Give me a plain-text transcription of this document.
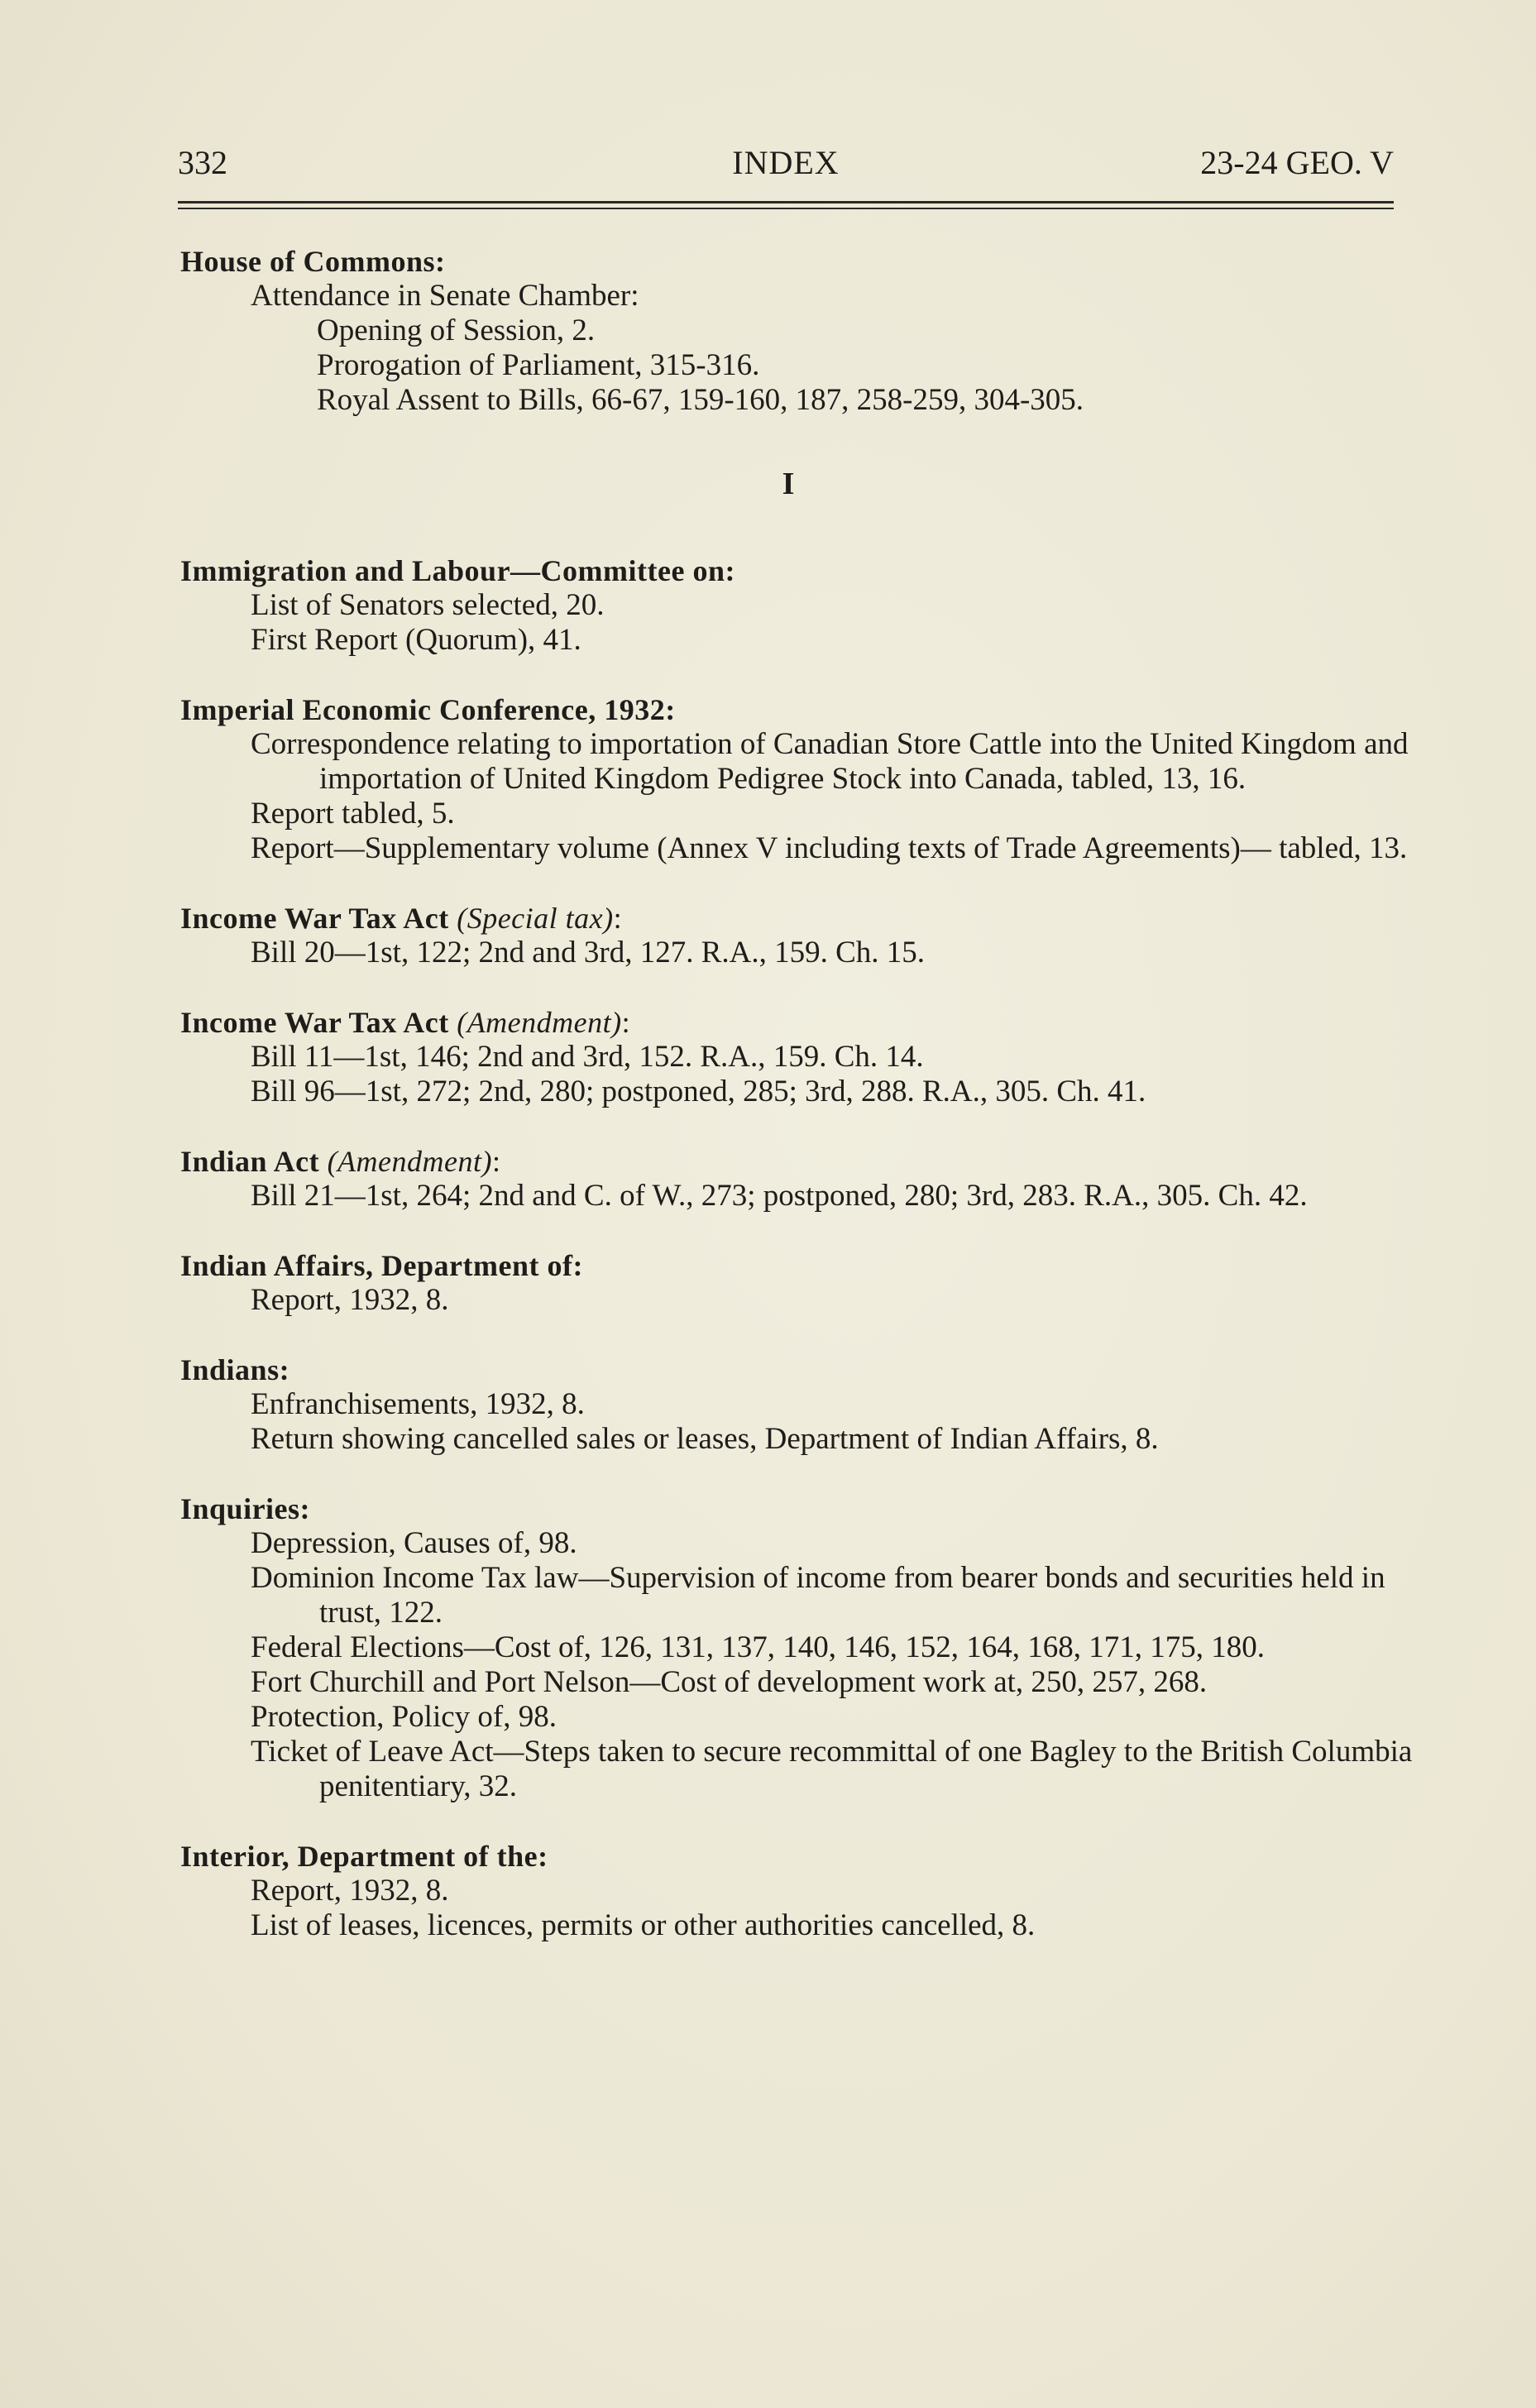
332	INDEX	23-24 GEO. V
House of Commons:
Attendance in Senate Chamber:
Opening of Session, 2.
Prorogation of Parliament, 315-316.
Royal Assent to Bills, 66-67, 159-160, 187, 258-259, 304-305.
I
Immigration and Labour—Committee on:
List of Senators selected, 20.
First Report (Quorum), 41.
Imperial Economic Conference, 1932:
Correspondence relating to importation of Canadian Store Cattle into the United Kingdom and importation of United Kingdom Pedigree Stock into Canada, tabled, 13, 16.
Report tabled, 5.
Report—Supplementary volume (Annex V including texts of Trade Agreements)— tabled, 13.
Income War Tax Act (Special tax):
Bill 20—1st, 122; 2nd and 3rd, 127. R.A., 159. Ch. 15.
Income War Tax Act (Amendment):
Bill 11—1st, 146; 2nd and 3rd, 152. R.A., 159. Ch. 14.
Bill 96—1st, 272; 2nd, 280; postponed, 285; 3rd, 288. R.A., 305. Ch. 41.
Indian Act (Amendment):
Bill 21—1st, 264; 2nd and C. of W., 273; postponed, 280; 3rd, 283. R.A., 305. Ch. 42.
Indian Affairs, Department of:
Report, 1932, 8.
Indians:
Enfranchisements, 1932, 8.
Return showing cancelled sales or leases, Department of Indian Affairs, 8.
Inquiries:
Depression, Causes of, 98.
Dominion Income Tax law—Supervision of income from bearer bonds and securities held in trust, 122.
Federal Elections—Cost of, 126, 131, 137, 140, 146, 152, 164, 168, 171, 175, 180.
Fort Churchill and Port Nelson—Cost of development work at, 250, 257, 268.
Protection, Policy of, 98.
Ticket of Leave Act—Steps taken to secure recommittal of one Bagley to the British Columbia penitentiary, 32.
Interior, Department of the:
Report, 1932, 8.
List of leases, licences, permits or other authorities cancelled, 8.
